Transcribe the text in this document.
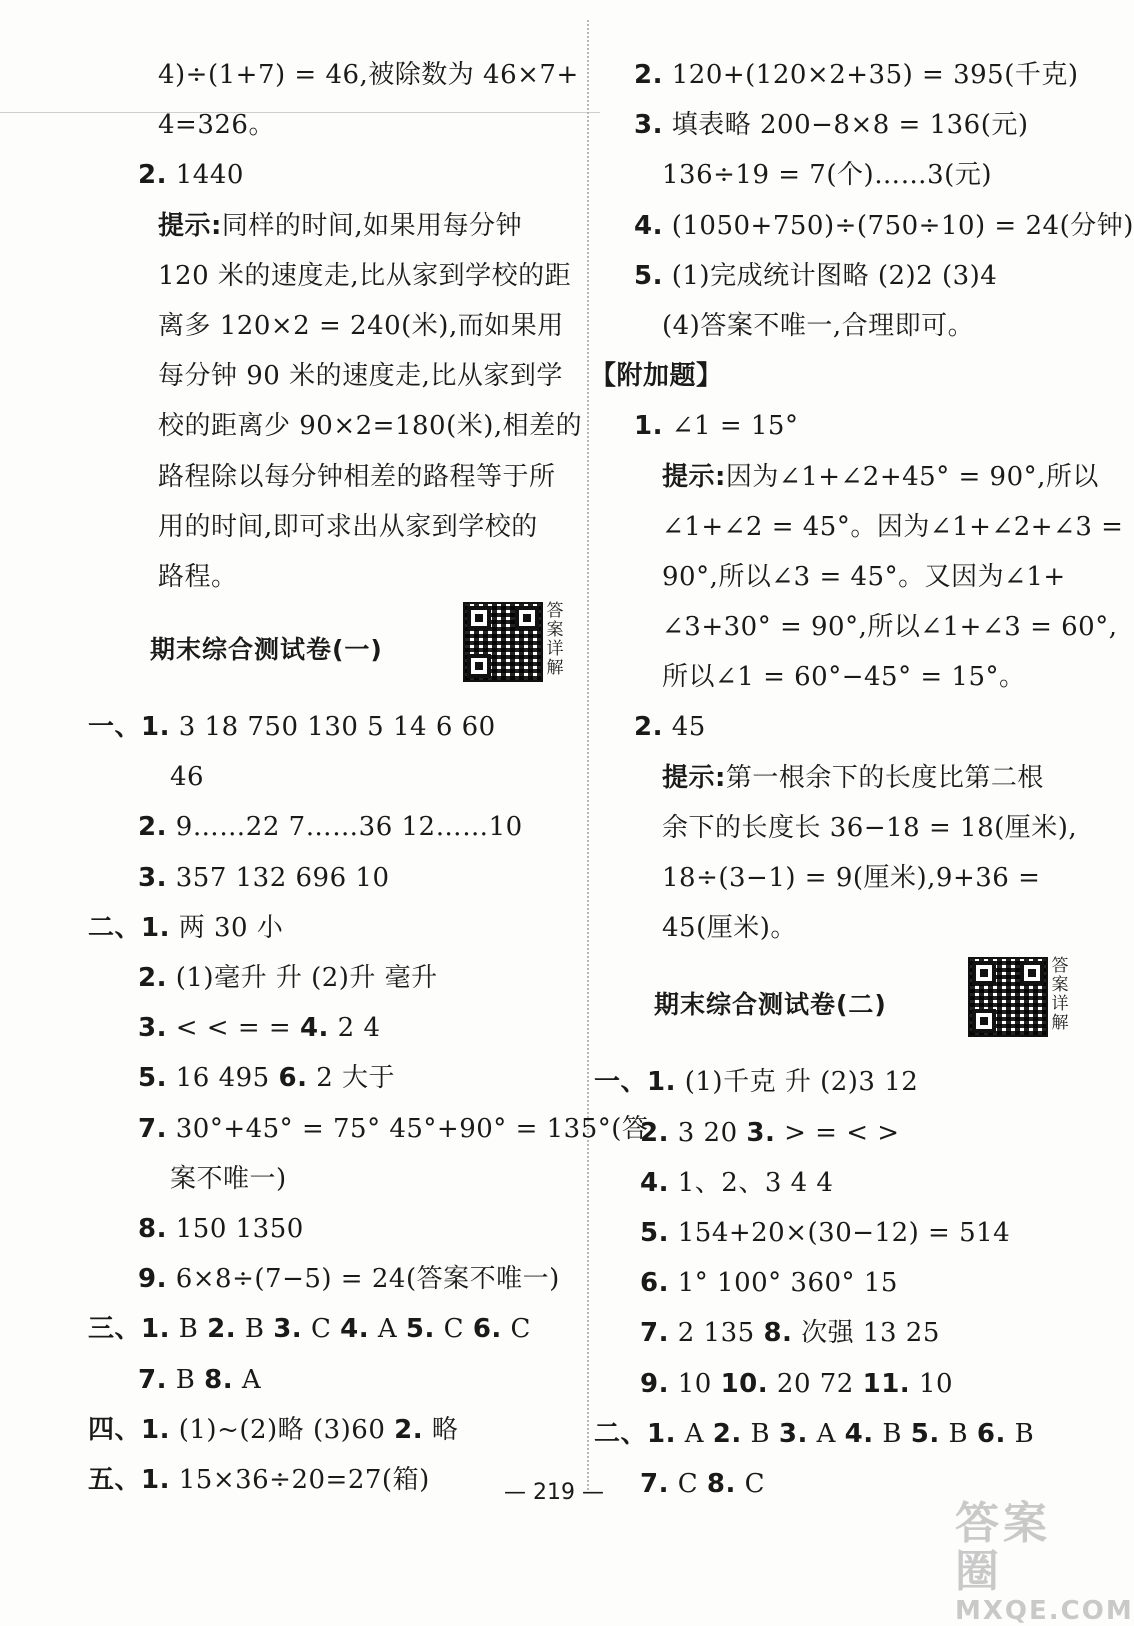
4)÷(1+7) = 46,被除数为 46×7+
4=326。
2. 1440
提示:同样的时间,如果用每分钟
120 米的速度走,比从家到学校的距
离多 120×2 = 240(米),而如果用
每分钟 90 米的速度走,比从家到学
校的距离少 90×2=180(米),相差的
路程除以每分钟相差的路程等于所
用的时间,即可求出从家到学校的
路程。
期末综合测试卷(一)
答案详解
一、1. 3 18 750 130 5 14 6 60
46
2. 9……22 7……36 12……10
3. 357 132 696 10
二、1. 两 30 小
2. (1)毫升 升 (2)升 毫升
3. < < = = 4. 2 4
5. 16 495 6. 2 大于
7. 30°+45° = 75° 45°+90° = 135°(答
案不唯一)
8. 150 1350
9. 6×8÷(7−5) = 24(答案不唯一)
三、1. B 2. B 3. C 4. A 5. C 6. C
7. B 8. A
四、1. (1)~(2)略 (3)60 2. 略
五、1. 15×36÷20=27(箱)
2. 120+(120×2+35) = 395(千克)
3. 填表略 200−8×8 = 136(元)
136÷19 = 7(个)……3(元)
4. (1050+750)÷(750÷10) = 24(分钟)
5. (1)完成统计图略 (2)2 (3)4
(4)答案不唯一,合理即可。
【附加题】
1. ∠1 = 15°
提示:因为∠1+∠2+45° = 90°,所以
∠1+∠2 = 45°。因为∠1+∠2+∠3 =
90°,所以∠3 = 45°。又因为∠1+
∠3+30° = 90°,所以∠1+∠3 = 60°,
所以∠1 = 60°−45° = 15°。
2. 45
提示:第一根余下的长度比第二根
余下的长度长 36−18 = 18(厘米),
18÷(3−1) = 9(厘米),9+36 =
45(厘米)。
期末综合测试卷(二)
答案详解
一、1. (1)千克 升 (2)3 12
2. 3 20 3. > = < >
4. 1、2、3 4 4
5. 154+20×(30−12) = 514
6. 1° 100° 360° 15
7. 2 135 8. 次强 13 25
9. 10 10. 20 72 11. 10
二、1. A 2. B 3. A 4. B 5. B 6. B
7. C 8. C
— 219 —
答案圈
MXQE.COM
